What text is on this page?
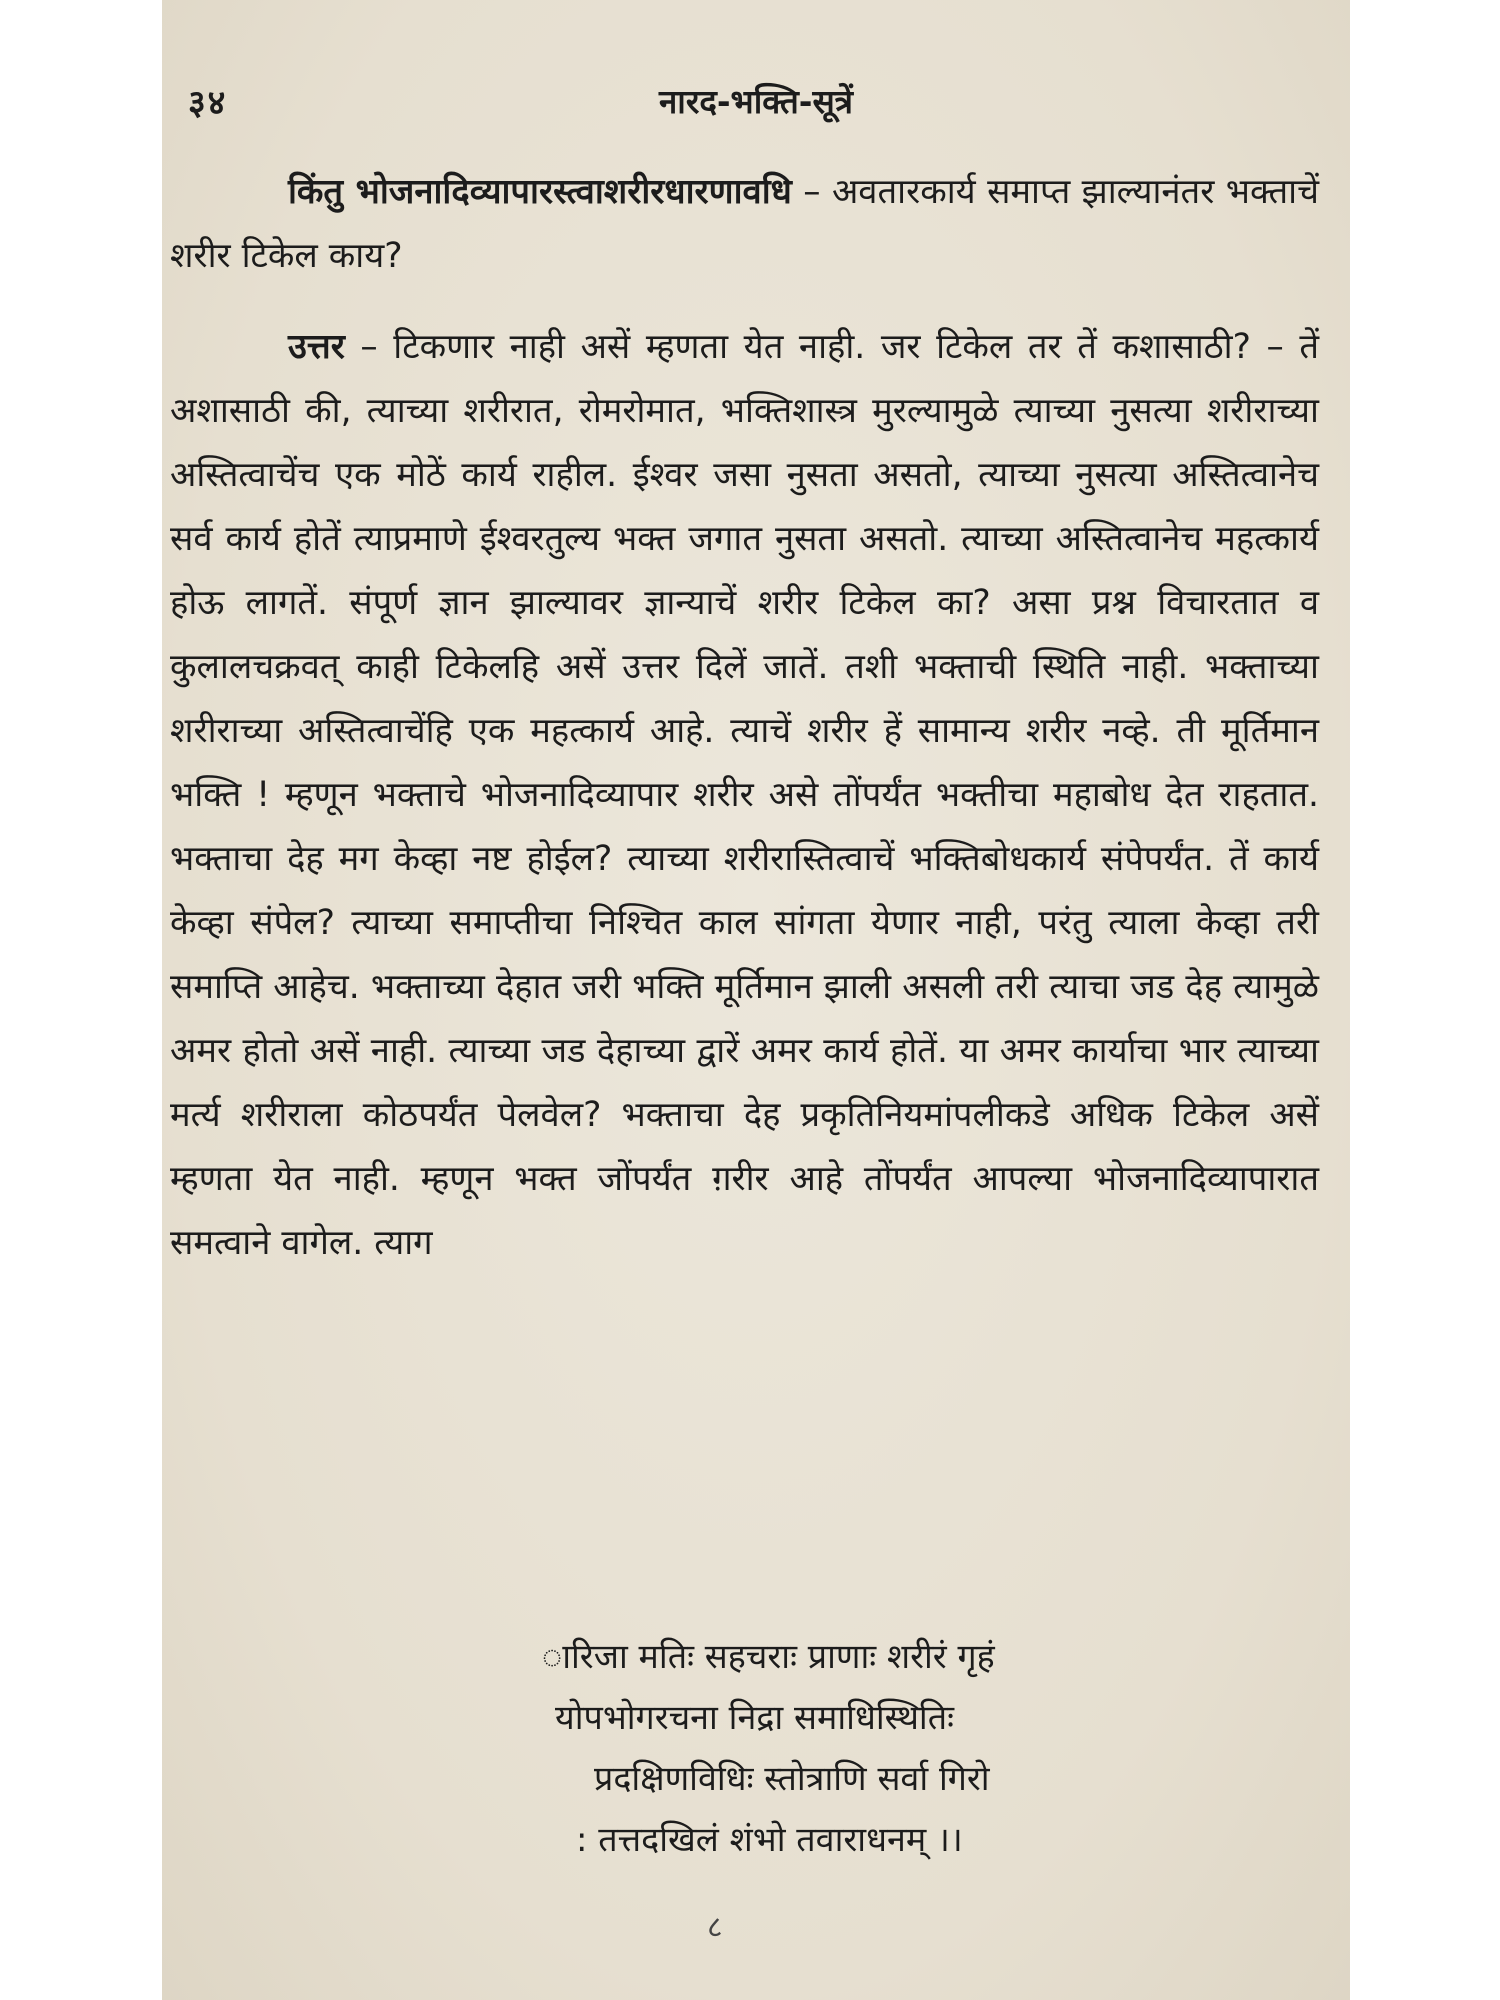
३४	नारद-भक्ति-सूत्रें

किंतु भोजनादिव्यापारस्त्वाशरीरधारणावधि – अवतारकार्य समाप्त झाल्यानंतर भक्ताचें शरीर टिकेल काय?

उत्तर – टिकणार नाही असें म्हणता येत नाही. जर टिकेल तर तें कशासाठी? – तें अशासाठी की, त्याच्या शरीरात, रोमरोमात, भक्तिशास्त्र मुरल्यामुळे त्याच्या नुसत्या शरीराच्या अस्तित्वाचेंच एक मोठें कार्य राहील. ईश्वर जसा नुसता असतो, त्याच्या नुसत्या अस्तित्वानेच सर्व कार्य होतें त्याप्रमाणे ईश्वरतुल्य भक्त जगात नुसता असतो. त्याच्या अस्तित्वानेच महत्कार्य होऊ लागतें. संपूर्ण ज्ञान झाल्यावर ज्ञान्याचें शरीर टिकेल का? असा प्रश्न विचारतात व कुलालचक्रवत् काही टिकेलहि असें उत्तर दिलें जातें. तशी भक्ताची स्थिति नाही. भक्ताच्या शरीराच्या अस्तित्वाचेंहि एक महत्कार्य आहे. त्याचें शरीर हें सामान्य शरीर नव्हे. ती मूर्तिमान भक्ति ! म्हणून भक्ताचे भोजनादिव्यापार शरीर असे तोंपर्यंत भक्तीचा महाबोध देत राहतात. भक्ताचा देह मग केव्हा नष्ट होईल? त्याच्या शरीरास्तित्वाचें भक्तिबोधकार्य संपेपर्यंत. तें कार्य केव्हा संपेल? त्याच्या समाप्तीचा निश्चित काल सांगता येणार नाही, परंतु त्याला केव्हा तरी समाप्ति आहेच. भक्ताच्या देहात जरी भक्ति मूर्तिमान झाली असली तरी त्याचा जड देह त्यामुळे अमर होतो असें नाही. त्याच्या जड देहाच्या द्वारें अमर कार्य होतें. या अमर कार्याचा भार त्याच्या मर्त्य शरीराला कोठपर्यंत पेलवेल? भक्ताचा देह प्रकृतिनियमांपलीकडे अधिक टिकेल असें म्हणता येत नाही. म्हणून भक्त जोंपर्यंत ग़रीर आहे तोंपर्यंत आपल्या भोजनादिव्यापारात समत्वाने वागेल. त्याग

ारिजा मतिः सहचराः प्राणाः शरीरं गृहं
योपभोगरचना निद्रा समाधिस्थितिः
प्रदक्षिणविधिः स्तोत्राणि सर्वा गिरो
: तत्तदखिलं शंभो तवाराधनम् ।।
८
